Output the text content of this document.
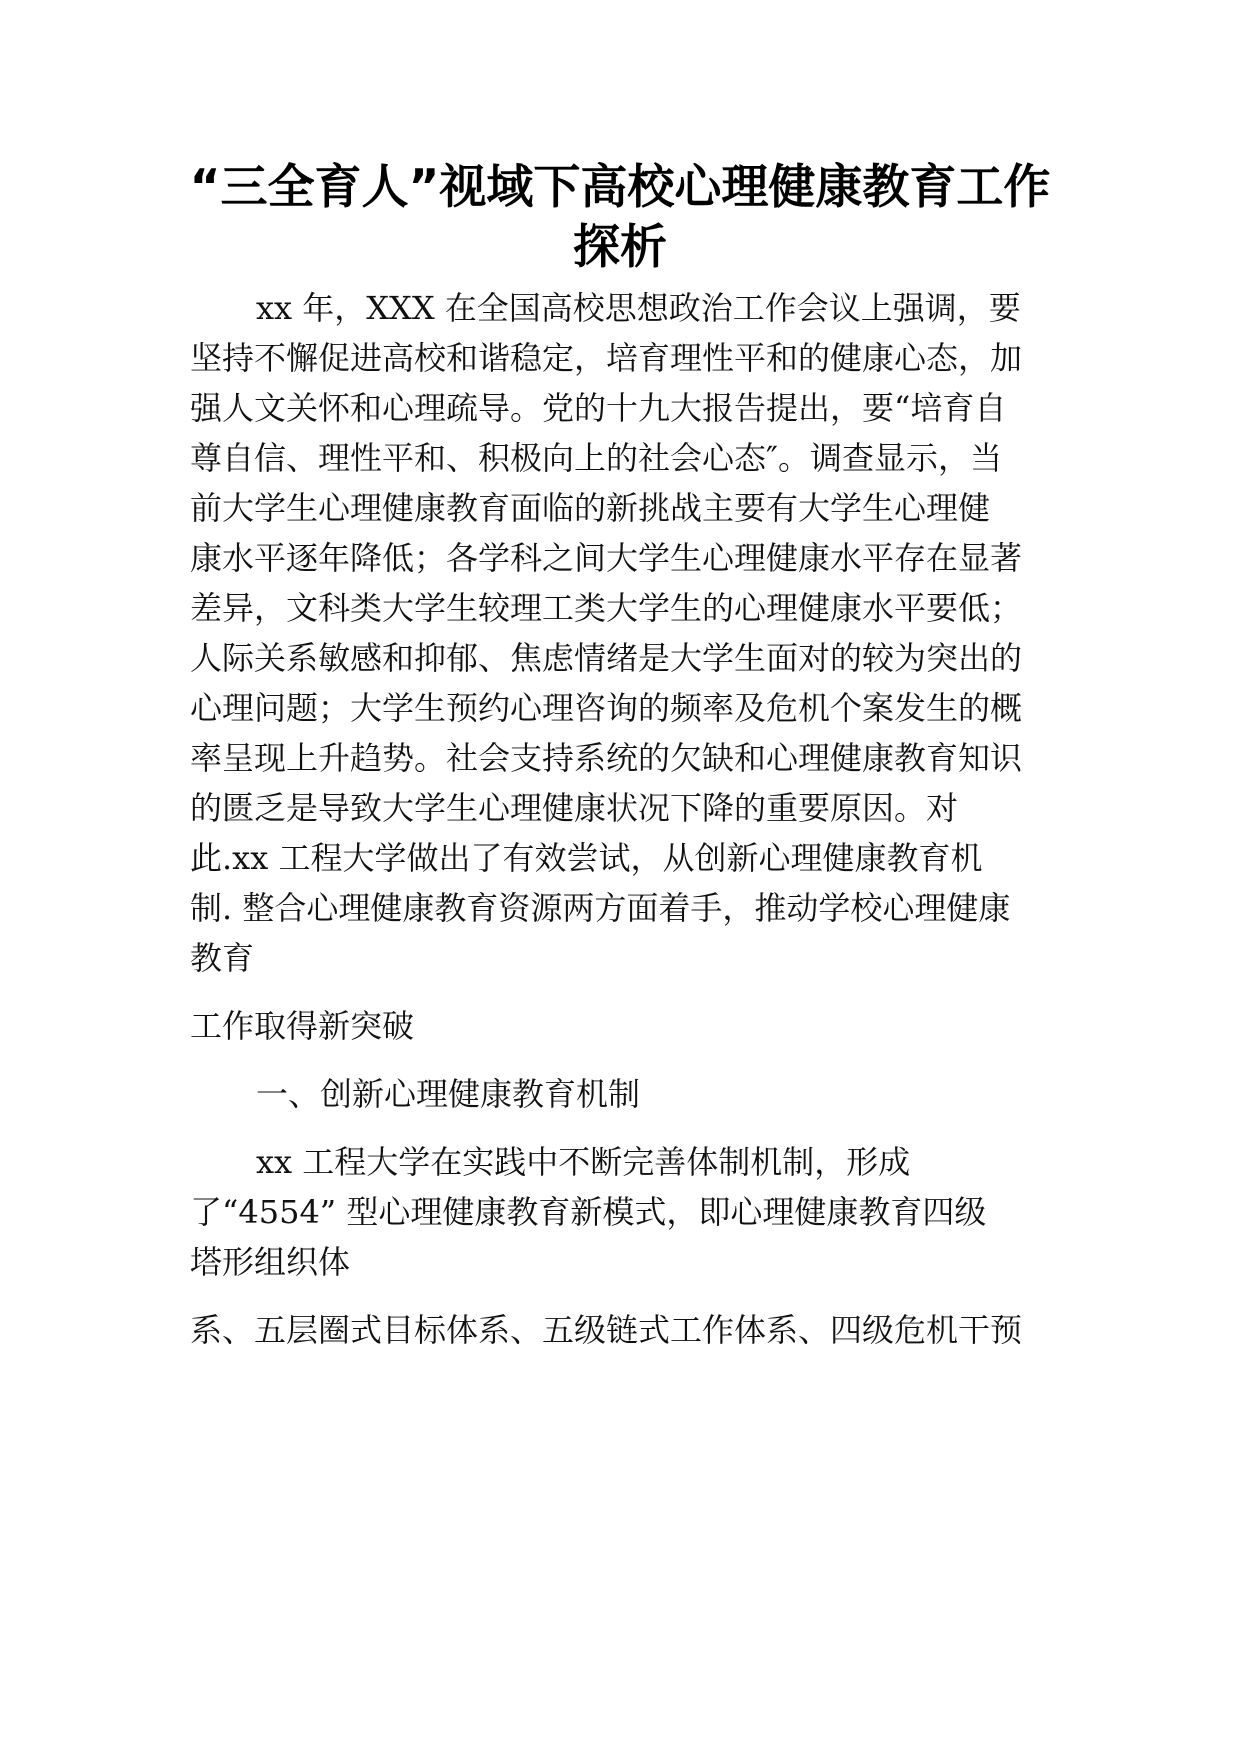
“三全育人”视域下高校心理健康教育工作
探析
xx 年，XXX 在全国高校思想政治工作会议上强调，要
坚持不懈促进高校和谐稳定，培育理性平和的健康心态，加
强人文关怀和心理疏导。党的十九大报告提出，要“培育自
尊自信、理性平和、积极向上的社会心态″。调查显示，当
前大学生心理健康教育面临的新挑战主要有大学生心理健
康水平逐年降低；各学科之间大学生心理健康水平存在显著
差异，文科类大学生较理工类大学生的心理健康水平要低；
人际关系敏感和抑郁、焦虑情绪是大学生面对的较为突出的
心理问题；大学生预约心理咨询的频率及危机个案发生的概
率呈现上升趋势。社会支持系统的欠缺和心理健康教育知识
的匮乏是导致大学生心理健康状况下降的重要原因。对
此.xx 工程大学做出了有效尝试，从创新心理健康教育机
制. 整合心理健康教育资源两方面着手，推动学校心理健康
教育
工作取得新突破
一、创新心理健康教育机制
xx 工程大学在实践中不断完善体制机制，形成
了“4554” 型心理健康教育新模式，即心理健康教育四级
塔形组织体
系、五层圈式目标体系、五级链式工作体系、四级危机干预
